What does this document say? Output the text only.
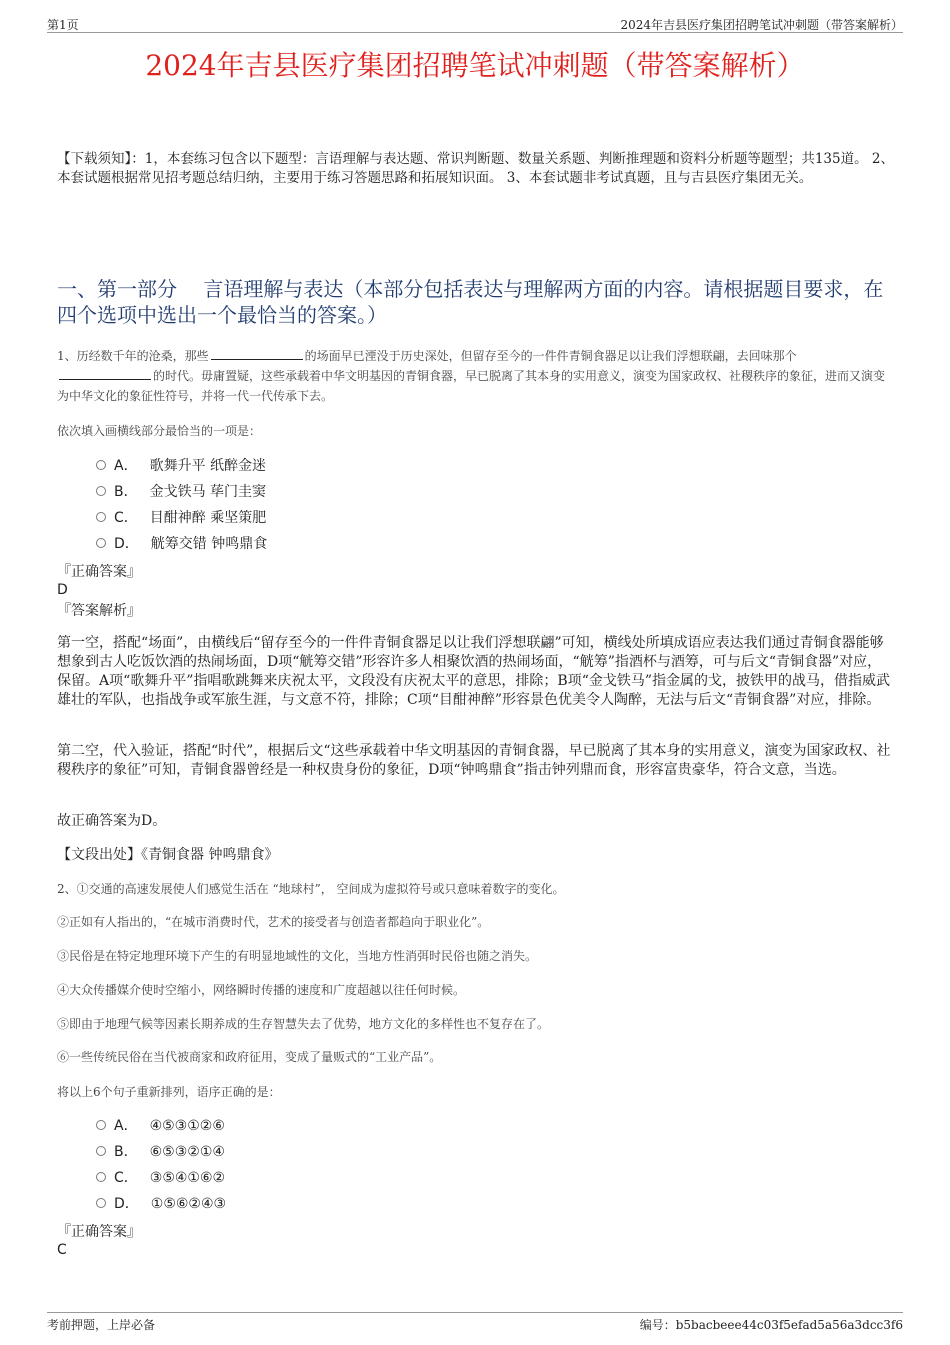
第1页	2024年吉县医疗集团招聘笔试冲刺题（带答案解析）
2024年吉县医疗集团招聘笔试冲刺题（带答案解析）
【下载须知】：1，本套练习包含以下题型：言语理解与表达题、常识判断题、数量关系题、判断推理题和资料分析题等题型；共135道。 2、本套试题根据常见招考题总结归纳，主要用于练习答题思路和拓展知识面。 3、本套试题非考试真题，且与吉县医疗集团无关。
一、第一部分　 言语理解与表达（本部分包括表达与理解两方面的内容。请根据题目要求，在四个选项中选出一个最恰当的答案。）
1、历经数千年的沧桑，那些	的场面早已湮没于历史深处，但留存至今的一件件青铜食器足以让我们浮想联翩，去回味那个的时代。毋庸置疑，这些承载着中华文明基因的青铜食器，早已脱离了其本身的实用意义，演变为国家政权、社稷秩序的象征，进而又演变为中华文化的象征性符号，并将一代一代传承下去。
依次填入画横线部分最恰当的一项是：
A． 歌舞升平 纸醉金迷
B． 金戈铁马 荜门圭窦
C． 目酣神醉 乘坚策肥
D． 觥筹交错 钟鸣鼎食
『正确答案』
D
『答案解析』
第一空，搭配“场面”，由横线后“留存至今的一件件青铜食器足以让我们浮想联翩”可知，横线处所填成语应表达我们通过青铜食器能够想象到古人吃饭饮酒的热闹场面，D项“觥筹交错”形容许多人相聚饮酒的热闹场面，“觥筹”指酒杯与酒筹，可与后文“青铜食器”对应，保留。A项“歌舞升平”指唱歌跳舞来庆祝太平，文段没有庆祝太平的意思，排除；B项“金戈铁马”指金属的戈，披铁甲的战马，借指威武雄壮的军队，也指战争或军旅生涯，与文意不符，排除；C项“目酣神醉”形容景色优美令人陶醉，无法与后文“青铜食器”对应，排除。
第二空，代入验证，搭配“时代”，根据后文“这些承载着中华文明基因的青铜食器，早已脱离了其本身的实用意义，演变为国家政权、社稷秩序的象征”可知，青铜食器曾经是一种权贵身份的象征，D项“钟鸣鼎食”指击钟列鼎而食，形容富贵豪华，符合文意，当选。
故正确答案为D。
【文段出处】《青铜食器 钟鸣鼎食》
2、①交通的高速发展使人们感觉生活在 “地球村”， 空间成为虚拟符号或只意味着数字的变化。
②正如有人指出的，“在城市消费时代，艺术的接受者与创造者都趋向于职业化”。
③民俗是在特定地理环境下产生的有明显地域性的文化，当地方性消弭时民俗也随之消失。
④大众传播媒介使时空缩小，网络瞬时传播的速度和广度超越以往任何时候。
⑤即由于地理气候等因素长期养成的生存智慧失去了优势，地方文化的多样性也不复存在了。
⑥一些传统民俗在当代被商家和政府征用，变成了量贩式的“工业产品”。
将以上6个句子重新排列，语序正确的是：
A． ④⑤③①②⑥
B． ⑥⑤③②①④
C． ③⑤④①⑥②
D． ①⑤⑥②④③
『正确答案』
C
考前押题，上岸必备	编号：b5bacbeee44c03f5efad5a56a3dcc3f6
